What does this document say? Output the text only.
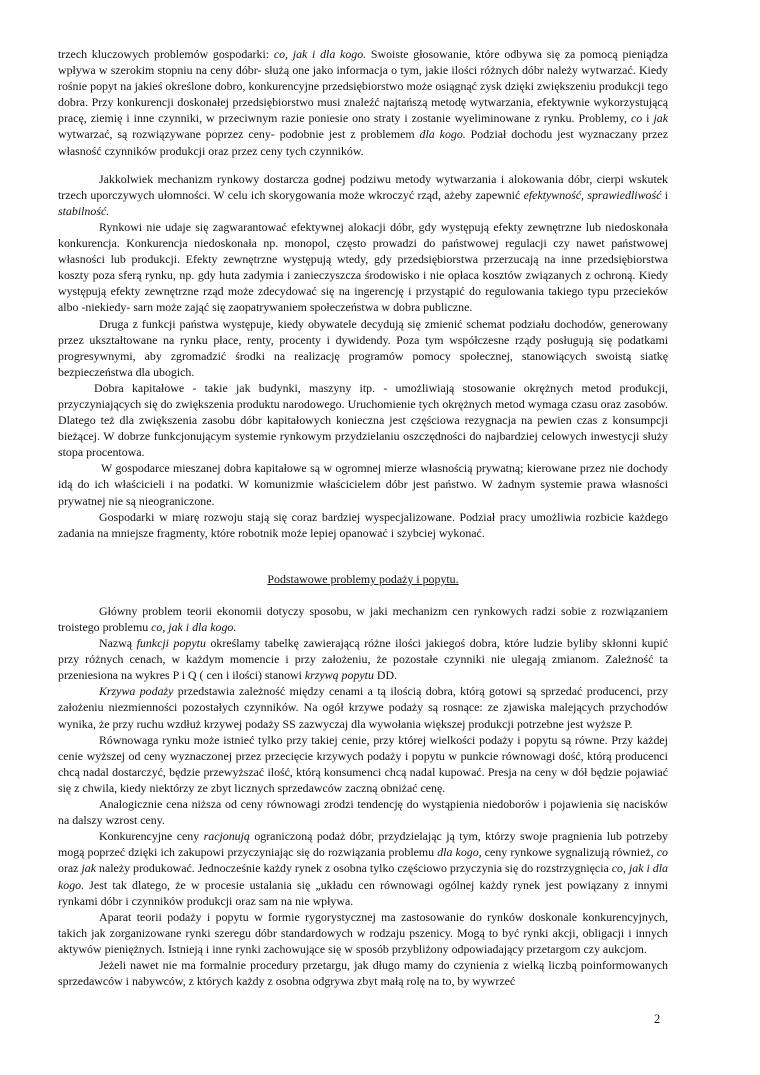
trzech kluczowych problemów gospodarki: co, jak i dla kogo. Swoiste głosowanie, które odbywa się za pomocą pieniądza wpływa w szerokim stopniu na ceny dóbr- służą one jako informacja o tym, jakie ilości różnych dóbr należy wytwarzać. Kiedy rośnie popyt na jakieś określone dobro, konkurencyjne przedsiębiorstwo może osiągnąć zysk dzięki zwiększeniu produkcji tego dobra. Przy konkurencji doskonałej przedsiębiorstwo musi znaleźć najtańszą metodę wytwarzania, efektywnie wykorzystującą pracę, ziemię i inne czynniki, w przeciwnym razie poniesie ono straty i zostanie wyeliminowane z rynku. Problemy, co i jak wytwarzać, są rozwiązywane poprzez ceny- podobnie jest z problemem dla kogo. Podział dochodu jest wyznaczany przez własność czynników produkcji oraz przez ceny tych czynników.

Jakkolwiek mechanizm rynkowy dostarcza godnej podziwu metody wytwarzania i alokowania dóbr, cierpi wskutek trzech uporczywych ułomności. W celu ich skorygowania może wkroczyć rząd, ażeby zapewnić efektywność, sprawiedliwość i stabilność.

Rynkowi nie udaje się zagwarantować efektywnej alokacji dóbr, gdy występują efekty zewnętrzne lub niedoskonała konkurencja. Konkurencja niedoskonała np. monopol, często prowadzi do państwowej regulacji czy nawet państwowej własności lub produkcji. Efekty zewnętrzne występują wtedy, gdy przedsiębiorstwa przerzucają na inne przedsiębiorstwa koszty poza sferą rynku, np. gdy huta zadymia i zanieczyszcza środowisko i nie opłaca kosztów związanych z ochroną. Kiedy występują efekty zewnętrzne rząd może zdecydować się na ingerencję i przystąpić do regulowania takiego typu przecieków albo -niekiedy- sarn może zająć się zaopatrywaniem społeczeństwa w dobra publiczne.

Druga z funkcji państwa występuje, kiedy obywatele decydują się zmienić schemat podziału dochodów, generowany przez ukształtowane na rynku płace, renty, procenty i dywidendy. Poza tym współczesne rządy posługują się podatkami progresywnymi, aby zgromadzić środki na realizację programów pomocy społecznej, stanowiących swoistą siatkę bezpieczeństwa dla ubogich.

Dobra kapitałowe - takie jak budynki, maszyny itp. - umożliwiają stosowanie okrężnych metod produkcji, przyczyniających się do zwiększenia produktu narodowego. Uruchomienie tych okrężnych metod wymaga czasu oraz zasobów. Dlatego też dla zwiększenia zasobu dóbr kapitałowych konieczna jest częściowa rezygnacja na pewien czas z konsumpcji bieżącej. W dobrze funkcjonującym systemie rynkowym przydzielaniu oszczędności do najbardziej celowych inwestycji służy stopa procentowa.

W gospodarce mieszanej dobra kapitałowe są w ogromnej mierze własnością prywatną; kierowane przez nie dochody idą do ich właścicieli i na podatki. W komunizmie właścicielem dóbr jest państwo. W żadnym systemie prawa własności prywatnej nie są nieograniczone.

Gospodarki w miarę rozwoju stają się coraz bardziej wyspecjalizowane. Podział pracy umożliwia rozbicie każdego zadania na mniejsze fragmenty, które robotnik może lepiej opanować i szybciej wykonać.

Podstawowe problemy podaży i popytu.

Główny problem teorii ekonomii dotyczy sposobu, w jaki mechanizm cen rynkowych radzi sobie z rozwiązaniem troistego problemu co, jak i dla kogo.

Nazwą funkcji popytu określamy tabelkę zawierającą różne ilości jakiegoś dobra, które ludzie byliby skłonni kupić przy różnych cenach, w każdym momencie i przy założeniu, że pozostałe czynniki nie ulegają zmianom. Zależność ta przeniesiona na wykres P i Q ( cen i ilości) stanowi krzywą popytu DD.

Krzywa podaży przedstawia zależność między cenami a tą ilością dobra, którą gotowi są sprzedać producenci, przy założeniu niezmienności pozostałych czynników. Na ogół krzywe podaży są rosnące: ze zjawiska malejących przychodów wynika, że przy ruchu wzdłuż krzywej podaży SS zazwyczaj dla wywołania większej produkcji potrzebne jest wyższe P.

Równowaga rynku może istnieć tylko przy takiej cenie, przy której wielkości podaży i popytu są równe. Przy każdej cenie wyższej od ceny wyznaczonej przez przecięcie krzywych podaży i popytu w punkcie równowagi dość, którą producenci chcą nadal dostarczyć, będzie przewyższać ilość, którą konsumenci chcą nadal kupować. Presja na ceny w dół będzie pojawiać się z chwila, kiedy niektórzy ze zbyt licznych sprzedawców zaczną obniżać cenę.

Analogicznie cena niższa od ceny równowagi zrodzi tendencję do wystąpienia niedoborów i pojawienia się nacisków na dalszy wzrost ceny.

Konkurencyjne ceny racjonują ograniczoną podaż dóbr, przydzielając ją tym, którzy swoje pragnienia lub potrzeby mogą poprzeć dzięki ich zakupowi przyczyniając się do rozwiązania problemu dla kogo, ceny rynkowe sygnalizują również, co oraz jak należy produkować. Jednocześnie każdy rynek z osobna tylko częściowo przyczynia się do rozstrzygnięcia co, jak i dla kogo. Jest tak dlatego, że w procesie ustalania się „układu cen równowagi ogólnej każdy rynek jest powiązany z innymi rynkami dóbr i czynników produkcji oraz sam na nie wpływa.

Aparat teorii podaży i popytu w formie rygorystycznej ma zastosowanie do rynków doskonale konkurencyjnych, takich jak zorganizowane rynki szeregu dóbr standardowych w rodzaju pszenicy. Mogą to być rynki akcji, obligacji i innych aktywów pieniężnych. Istnieją i inne rynki zachowujące się w sposób przybliżony odpowiadający przetargom czy aukcjom.

Jeżeli nawet nie ma formalnie procedury przetargu, jak długo mamy do czynienia z wielką liczbą poinformowanych sprzedawców i nabywców, z których każdy z osobna odgrywa zbyt małą rolę na to, by wywrzeć

2
